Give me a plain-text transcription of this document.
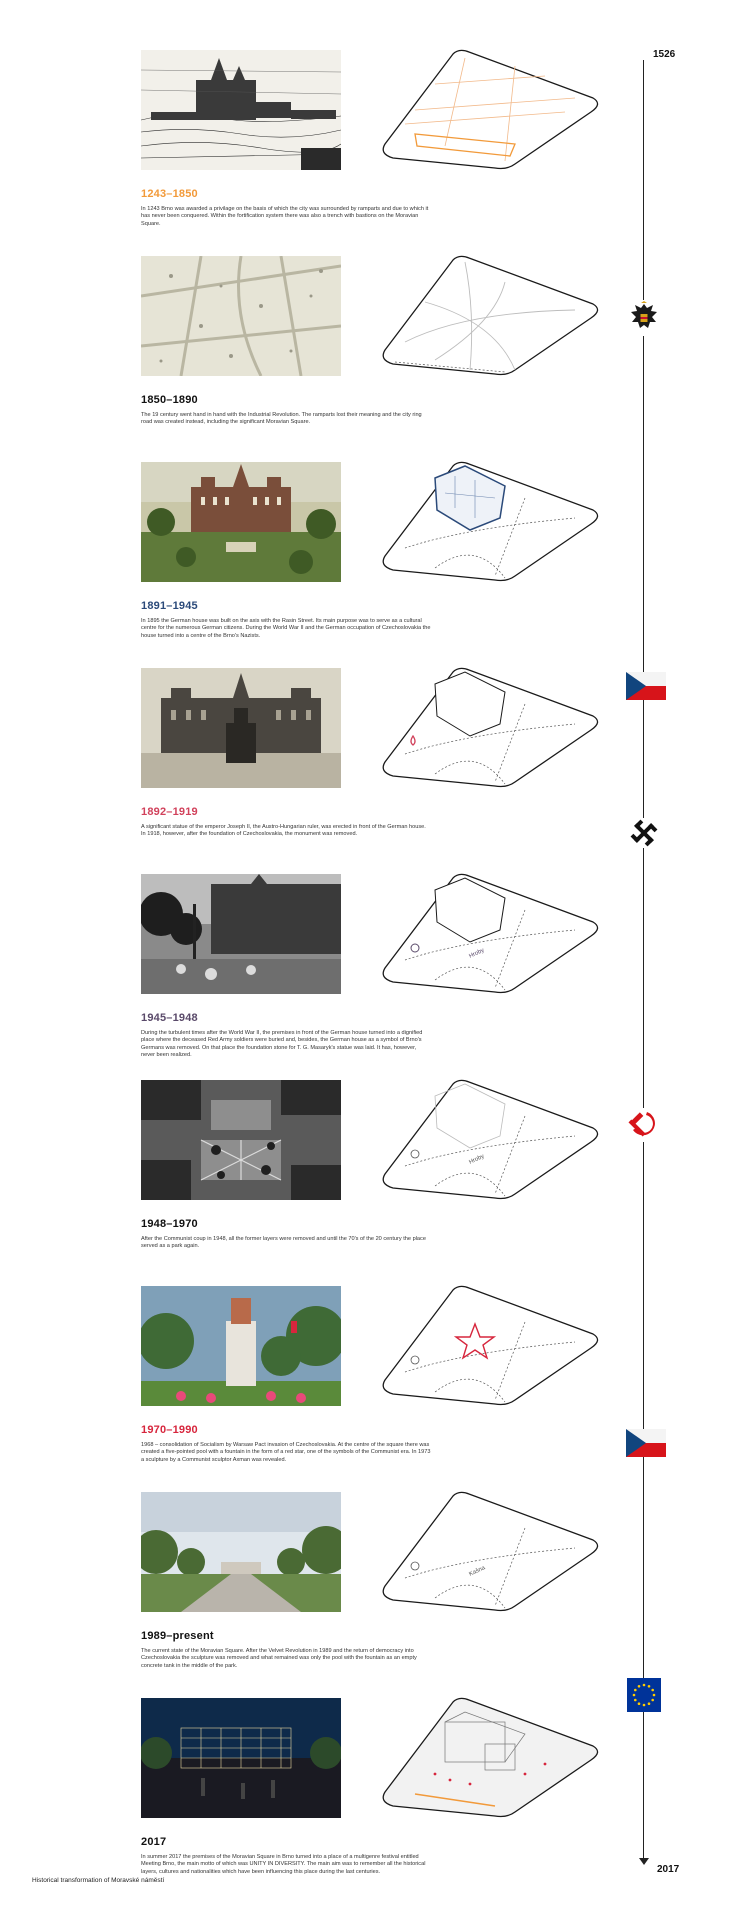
1526
2017
1243–1850

In 1243 Brno was awarded a privilage on the basis of which the city was surrounded by ramparts and due to which it has never been conquered. Within the fortification system there was also a trench with bastions on the Moravian Square.

1850–1890

The 19 century went hand in hand with the Industrial Revolution. The ramparts lost their meaning and the city ring road was created instead, including the significant Moravian Square.

1891–1945

In 1895 the German house was built on the axis with the Rasin Street. Its main purpose was to serve as a cultural centre for the numerous German citizens. During the World War II and the German occupation of Czechoslovakia the house turned into a centre of the Brno's Nazists.

1892–1919

A significant statue of the emperor Joseph II, the Austro-Hungarian ruler, was erected in front of the German house. In 1918, however, after the foundation of Czechoslovakia, the monument was removed.

Hroby
1945–1948

During the turbulent times after the World War II, the premises in front of the German house turned into a dignified place where the deceased Red Army soldiers were buried and, besides, the German house as a symbol of Brno's Germans was removed. On that place the foundation stone for T. G. Masaryk's statue was laid. It has, however, never been realized.

Hroby
1948–1970

After the Communist coup in 1948, all the former layers were removed and until the 70's of the 20 century the place served as a park again.

1970–1990

1968 – consolidation of Socialism by Warsaw Pact invasion of Czechoslovakia. At the centre of the square there was created a five-pointed pool with a fountain in the form of a red star, one of the symbols of the Communist era. In 1973 a sculpture by a Communist sculptor Axman was revealed.

Kašna
1989–present

The current state of the Moravian Square. After the Velvet Revolution in 1989 and the return of democracy into Czechoslovakia the sculpture was removed and what remained was only the pool with the fountain as an empty concrete tank in the middle of the park.

2017

In summer 2017 the premises of the Moravian Square in Brno turned into a place of a multigenre festival entitled Meeting Brno, the main motto of which was UNITY IN DIVERSITY. The main aim was to remember all the historical layers, cultures and nationalities which have been influencing this place during the last centuries.

Historical transformation of Moravské náměstí
